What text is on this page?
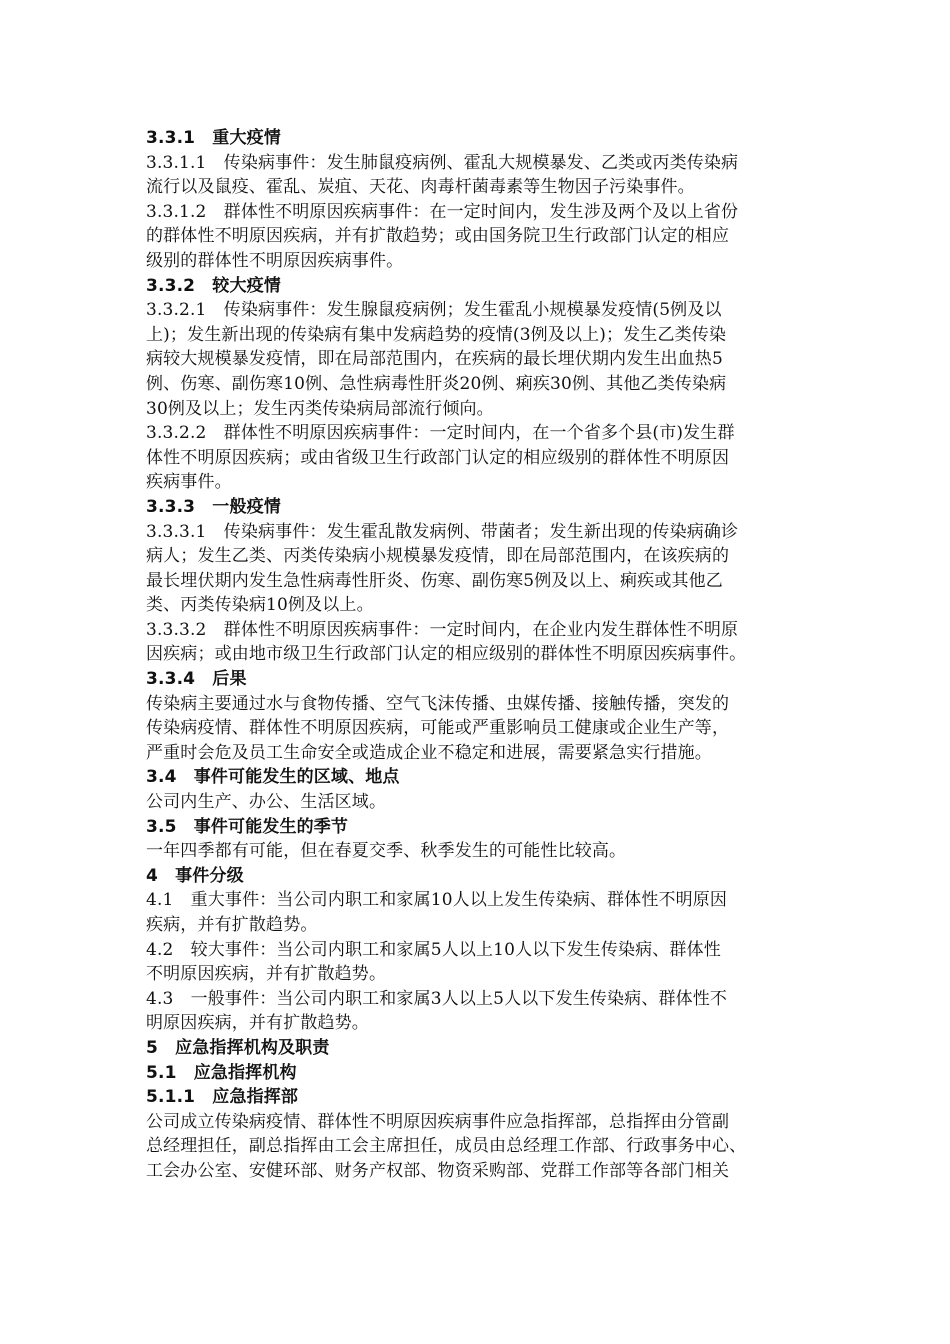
3.3.1　重大疫情

3.3.1.1　传染病事件：发生肺鼠疫病例、霍乱大规模暴发、乙类或丙类传染病

流行以及鼠疫、霍乱、炭疽、天花、肉毒杆菌毒素等生物因子污染事件。

3.3.1.2　群体性不明原因疾病事件：在一定时间内，发生涉及两个及以上省份

的群体性不明原因疾病，并有扩散趋势；或由国务院卫生行政部门认定的相应

级别的群体性不明原因疾病事件。

3.3.2　较大疫情

3.3.2.1　传染病事件：发生腺鼠疫病例；发生霍乱小规模暴发疫情(5例及以

上)；发生新出现的传染病有集中发病趋势的疫情(3例及以上)；发生乙类传染

病较大规模暴发疫情，即在局部范围内，在疾病的最长埋伏期内发生出血热5

例、伤寒、副伤寒10例、急性病毒性肝炎20例、痢疾30例、其他乙类传染病

30例及以上；发生丙类传染病局部流行倾向。

3.3.2.2　群体性不明原因疾病事件：一定时间内，在一个省多个县(市)发生群

体性不明原因疾病；或由省级卫生行政部门认定的相应级别的群体性不明原因

疾病事件。

3.3.3　一般疫情

3.3.3.1　传染病事件：发生霍乱散发病例、带菌者；发生新出现的传染病确诊

病人；发生乙类、丙类传染病小规模暴发疫情，即在局部范围内，在该疾病的

最长埋伏期内发生急性病毒性肝炎、伤寒、副伤寒5例及以上、痢疾或其他乙

类、丙类传染病10例及以上。

3.3.3.2　群体性不明原因疾病事件：一定时间内，在企业内发生群体性不明原

因疾病；或由地市级卫生行政部门认定的相应级别的群体性不明原因疾病事件。

3.3.4　后果

传染病主要通过水与食物传播、空气飞沫传播、虫媒传播、接触传播，突发的

传染病疫情、群体性不明原因疾病，可能或严重影响员工健康或企业生产等，

严重时会危及员工生命安全或造成企业不稳定和进展，需要紧急实行措施。

3.4　事件可能发生的区域、地点

公司内生产、办公、生活区域。

3.5　事件可能发生的季节

一年四季都有可能，但在春夏交季、秋季发生的可能性比较高。

4　事件分级

4.1　重大事件：当公司内职工和家属10人以上发生传染病、群体性不明原因

疾病，并有扩散趋势。

4.2　较大事件：当公司内职工和家属5人以上10人以下发生传染病、群体性

不明原因疾病，并有扩散趋势。

4.3　一般事件：当公司内职工和家属3人以上5人以下发生传染病、群体性不

明原因疾病，并有扩散趋势。

5　应急指挥机构及职责

5.1　应急指挥机构

5.1.1　应急指挥部

公司成立传染病疫情、群体性不明原因疾病事件应急指挥部，总指挥由分管副

总经理担任，副总指挥由工会主席担任，成员由总经理工作部、行政事务中心、

工会办公室、安健环部、财务产权部、物资采购部、党群工作部等各部门相关
